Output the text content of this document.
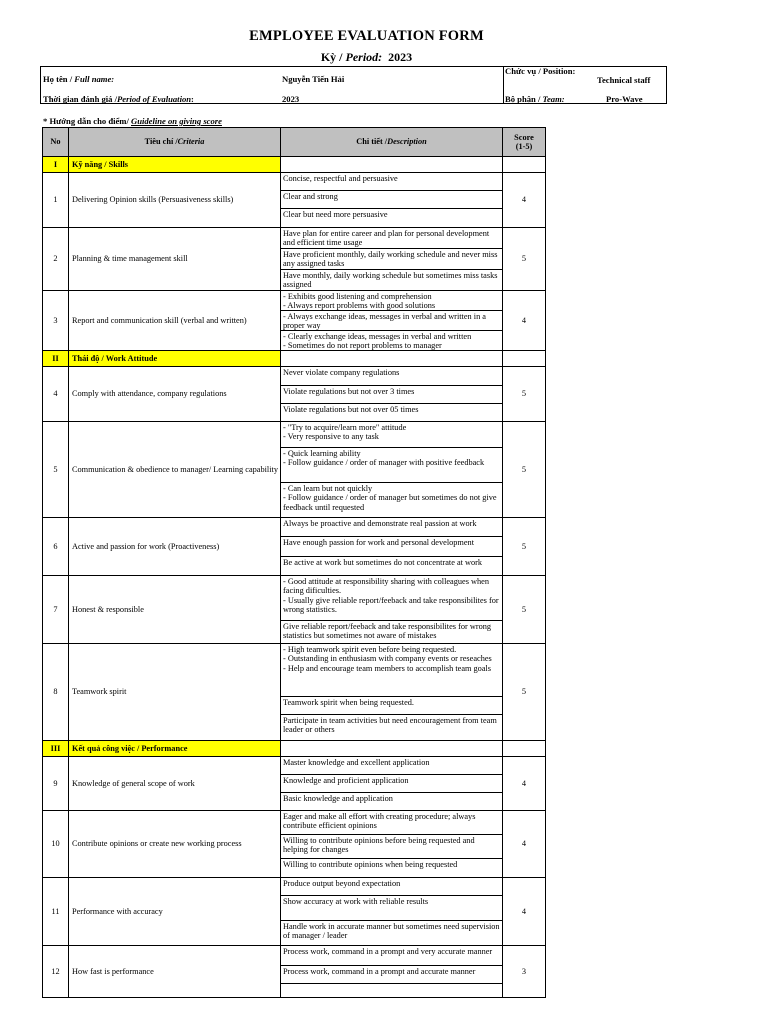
EMPLOYEE EVALUATION FORM
Kỳ / Period: 2023
Họ tên / Full name:	Nguyễn Tiến Hải
Thời gian đánh giá /Period of Evaluation:	2023
Chức vụ / Position:
Technical staff
Bộ phận / Team:	Pro-Wave
* Hướng dẫn cho điểm/ Guideline on giving score
No	Tiêu chí / Criteria	Chi tiết / Description	Score
(1-5)
I	Kỹ năng / Skills
1	Delivering Opinion skills (Persuasiveness skills)
Concise, respectful and persuasive
Clear and strong
Clear but need more persuasive
4
2	Planning & time management skill
Have plan for entire career and plan for personal development and efficient time usage
Have proficient monthly, daily working schedule and never miss any assigned tasks
Have monthly, daily working schedule but sometimes miss tasks assigned
5
3	Report and communication skill (verbal and written)
- Exhibits good listening and comprehension
- Always report problems with good solutions
- Always exchange ideas, messages in verbal and written in a proper way

- Clearly exchange ideas, messages in verbal and written
- Sometimes do not report problems to manager
4
II	Thái độ / Work Attitude
4	Comply with attendance, company regulations
Never violate company regulations
Violate regulations but not over 3 times
Violate regulations but not over 05 times
5
5	Communication & obedience to manager/ Learning capability
- "Try to acquire/learn more" attitude
- Very responsive to any task
- Quick learning ability
- Follow guidance / order of manager with positive feedback
- Can learn but not quickly
- Follow guidance / order of manager but sometimes do not give feedback until requested
5
6	Active and passion for work (Proactiveness)
Always be proactive and demonstrate real passion at work
Have enough passion for work and personal development
Be active at work but sometimes do not concentrate at work
5
7	Honest & responsible
- Good attitude at responsibility sharing with colleagues when facing dificulties.
- Usually give reliable report/feeback and take responsibilites for wrong statistics.
Give reliable report/feeback and take responsibilites for wrong statistics but sometimes not aware of mistakes
5
8	Teamwork spirit
- High teamwork spirit even before being requested.
- Outstanding in enthusiasm with company events or reseaches
- Help and encourage team members to accomplish team goals
Teamwork spirit when being requested.
Participate in team activities but need encouragement from team leader or others
5
III	Kết quả công việc / Performance
9	Knowledge of general scope of work
Master knowledge and excellent application
Knowledge and proficient application
Basic knowledge and application
4
10	Contribute opinions or create new working process
Eager and make all effort with creating procedure; always contribute efficient opinions
Willing to contribute opinions before being requested and helping for changes
Willing to contribute opinions when being requested
4
11	Performance with accuracy
Produce output beyond expectation
Show accuracy at work with reliable results
Handle work in accurate manner but sometimes need supervision of manager / leader
4
12	How fast is performance
Process work, command in a prompt and very accurate manner
Process work, command in a prompt and accurate manner	3
